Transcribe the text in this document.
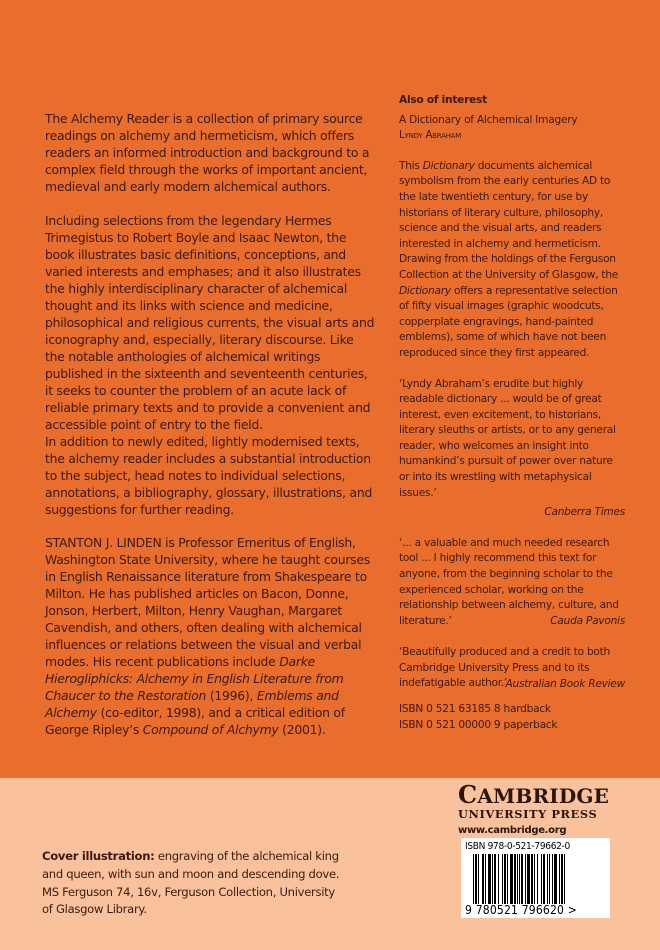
The Alchemy Reader is a collection of primary source readings on alchemy and hermeticism, which offers readers an informed introduction and background to a complex field through the works of important ancient, medieval and early modern alchemical authors.

Including selections from the legendary Hermes Trimegistus to Robert Boyle and Isaac Newton, the book illustrates basic definitions, conceptions, and varied interests and emphases; and it also illustrates the highly interdisciplinary character of alchemical thought and its links with science and medicine, philosophical and religious currents, the visual arts and iconography and, especially, literary discourse. Like the notable anthologies of alchemical writings published in the sixteenth and seventeenth centuries, it seeks to counter the problem of an acute lack of reliable primary texts and to provide a convenient and accessible point of entry to the field.

In addition to newly edited, lightly modernised texts, the alchemy reader includes a substantial introduction to the subject, head notes to individual selections, annotations, a bibliography, glossary, illustrations, and suggestions for further reading.

STANTON J. LINDEN is Professor Emeritus of English, Washington State University, where he taught courses in English Renaissance literature from Shakespeare to Milton. He has published articles on Bacon, Donne, Jonson, Herbert, Milton, Henry Vaughan, Margaret Cavendish, and others, often dealing with alchemical influences or relations between the visual and verbal modes. His recent publications include Darke Hierogliphicks: Alchemy in English Literature from Chaucer to the Restoration (1996), Emblems and Alchemy (co-editor, 1998), and a critical edition of George Ripley’s Compound of Alchymy (2001).

Also of interest

A Dictionary of Alchemical Imagery

Lyndy Abraham

This Dictionary documents alchemical symbolism from the early centuries AD to the late twentieth century, for use by historians of literary culture, philosophy, science and the visual arts, and readers interested in alchemy and hermeticism. Drawing from the holdings of the Ferguson Collection at the University of Glasgow, the Dictionary offers a representative selection of fifty visual images (graphic woodcuts, copperplate engravings, hand-painted emblems), some of which have not been reproduced since they first appeared.

‘Lyndy Abraham’s erudite but highly readable dictionary ... would be of great interest, even excitement, to historians, literary sleuths or artists, or to any general reader, who welcomes an insight into humankind’s pursuit of power over nature or into its wrestling with metaphysical issues.’

Canberra Times

‘... a valuable and much needed research tool ... I highly recommend this text for anyone, from the beginning scholar to the experienced scholar, working on the relationship between alchemy, culture, and literature.’	Cauda Pavonis

‘Beautifully produced and a credit to both Cambridge University Press and to its indefatigable author.’

Australian Book Review

ISBN 0 521 63185 8 hardback

ISBN 0 521 00000 9 paperback

Cover illustration: engraving of the alchemical king and queen, with sun and moon and descending dove. MS Ferguson 74, 16v, Ferguson Collection, University of Glasgow Library.
CAMBRIDGE
UNIVERSITY PRESS
www.cambridge.org
ISBN 978-0-521-79662-0
9 780521 796620 >
